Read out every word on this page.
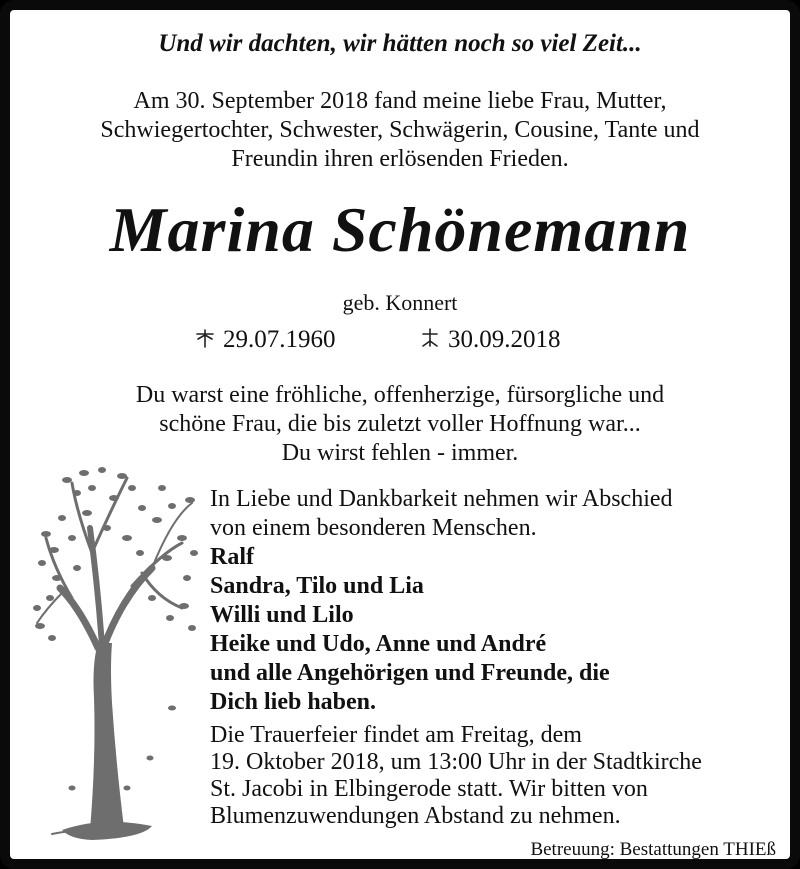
Und wir dachten, wir hätten noch so viel Zeit...
Am 30. September 2018 fand meine liebe Frau, Mutter,
Schwiegertochter, Schwester, Schwägerin, Cousine, Tante und
Freundin ihren erlösenden Frieden.
Marina Schönemann
geb. Konnert
29.07.1960	30.09.2018
Du warst eine fröhliche, offenherzige, fürsorgliche und
schöne Frau, die bis zuletzt voller Hoffnung war...
Du wirst fehlen - immer.
In Liebe und Dankbarkeit nehmen wir Abschied
von einem besonderen Menschen.
Ralf
Sandra, Tilo und Lia
Willi und Lilo
Heike und Udo, Anne und André
und alle Angehörigen und Freunde, die
Dich lieb haben.
Die Trauerfeier findet am Freitag, dem
19. Oktober 2018, um 13:00 Uhr in der Stadtkirche
St. Jacobi in Elbingerode statt. Wir bitten von
Blumenzuwendungen Abstand zu nehmen.
Betreuung: Bestattungen THIEß
